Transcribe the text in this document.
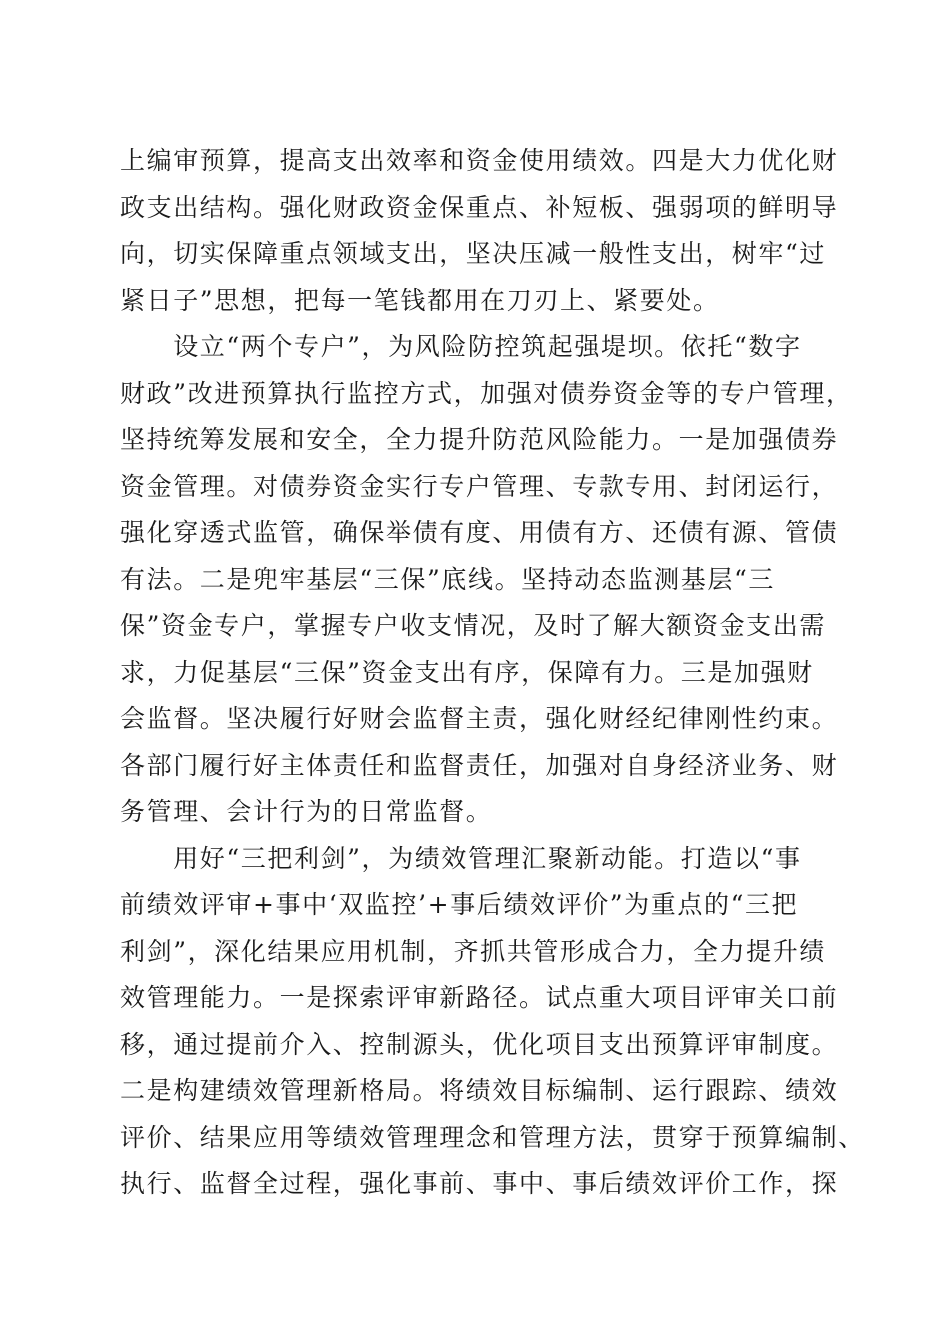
上编审预算，提高支出效率和资金使用绩效。四是大力优化财
政支出结构。强化财政资金保重点、补短板、强弱项的鲜明导
向，切实保障重点领域支出，坚决压减一般性支出，树牢“过
紧日子”思想，把每一笔钱都用在刀刃上、紧要处。
　　设立“两个专户”，为风险防控筑起强堤坝。依托“数字
财政”改进预算执行监控方式，加强对债券资金等的专户管理，
坚持统筹发展和安全，全力提升防范风险能力。一是加强债券
资金管理。对债券资金实行专户管理、专款专用、封闭运行，
强化穿透式监管，确保举债有度、用债有方、还债有源、管债
有法。二是兜牢基层“三保”底线。坚持动态监测基层“三
保”资金专户，掌握专户收支情况，及时了解大额资金支出需
求，力促基层“三保”资金支出有序，保障有力。三是加强财
会监督。坚决履行好财会监督主责，强化财经纪律刚性约束。
各部门履行好主体责任和监督责任，加强对自身经济业务、财
务管理、会计行为的日常监督。
　　用好“三把利剑”，为绩效管理汇聚新动能。打造以“事
前绩效评审+事中‘双监控’+事后绩效评价”为重点的“三把
利剑”，深化结果应用机制，齐抓共管形成合力，全力提升绩
效管理能力。一是探索评审新路径。试点重大项目评审关口前
移，通过提前介入、控制源头，优化项目支出预算评审制度。
二是构建绩效管理新格局。将绩效目标编制、运行跟踪、绩效
评价、结果应用等绩效管理理念和管理方法，贯穿于预算编制、
执行、监督全过程，强化事前、事中、事后绩效评价工作，探
